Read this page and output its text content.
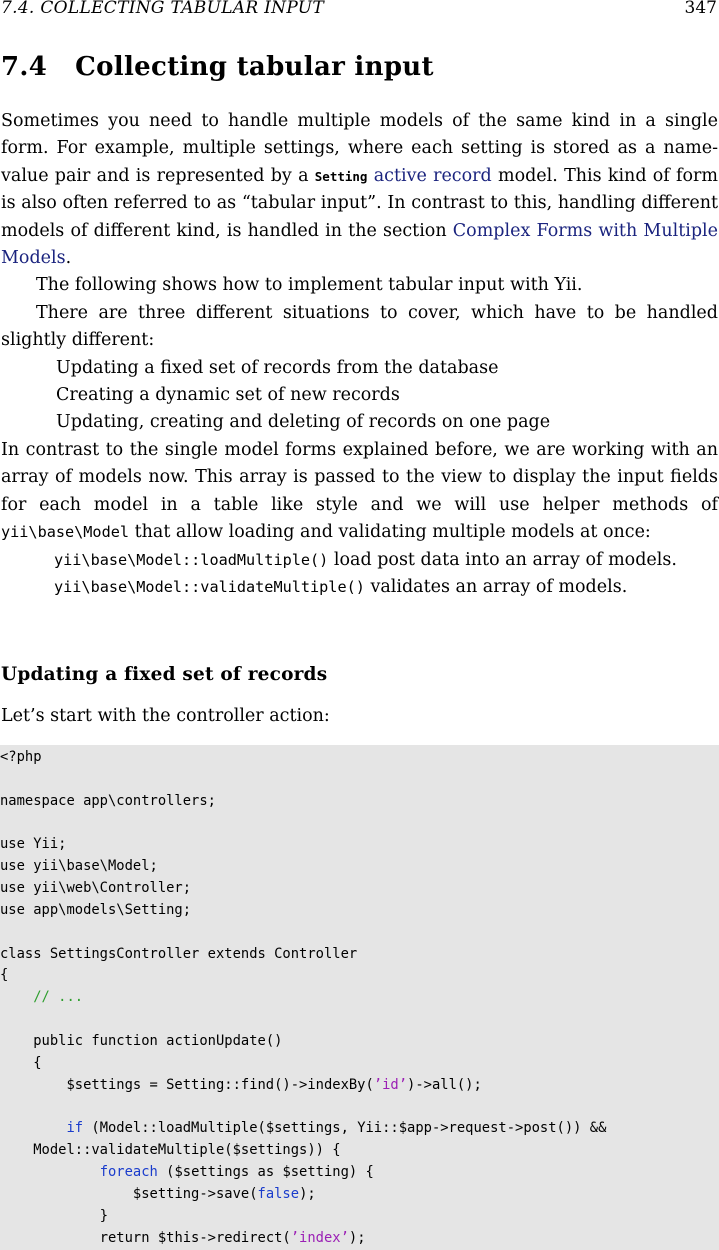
7.4. COLLECTING TABULAR INPUT	347
7.4 Collecting tabular input

Sometimes you need to handle multiple models of the same kind in a single form. For example, multiple settings, where each setting is stored as a name-value pair and is represented by a Setting active record model. This kind of form is also often referred to as “tabular input”. In contrast to this, handling different models of different kind, is handled in the section Complex Forms with Multiple Models.

The following shows how to implement tabular input with Yii.

There are three different situations to cover, which have to be handled slightly different:

Updating a fixed set of records from the database

Creating a dynamic set of new records

Updating, creating and deleting of records on one page

In contrast to the single model forms explained before, we are working with an array of models now. This array is passed to the view to display the input fields for each model in a table like style and we will use helper methods of yii\base\Model that allow loading and validating multiple models at once:

yii\base\Model::loadMultiple() load post data into an array of models.

yii\base\Model::validateMultiple() validates an array of models.

Updating a fixed set of records
Let’s start with the controller action:
<?php

namespace app\controllers;

use Yii;
use yii\base\Model;
use yii\web\Controller;
use app\models\Setting;

class SettingsController extends Controller
{
// ...

public function actionUpdate()
{
$settings = Setting::find()->indexBy(’id’)->all();

if (Model::loadMultiple($settings, Yii::$app->request->post()) &&
Model::validateMultiple($settings)) {
foreach ($settings as $setting) {
$setting->save(false);
}
return $this->redirect(’index’);
